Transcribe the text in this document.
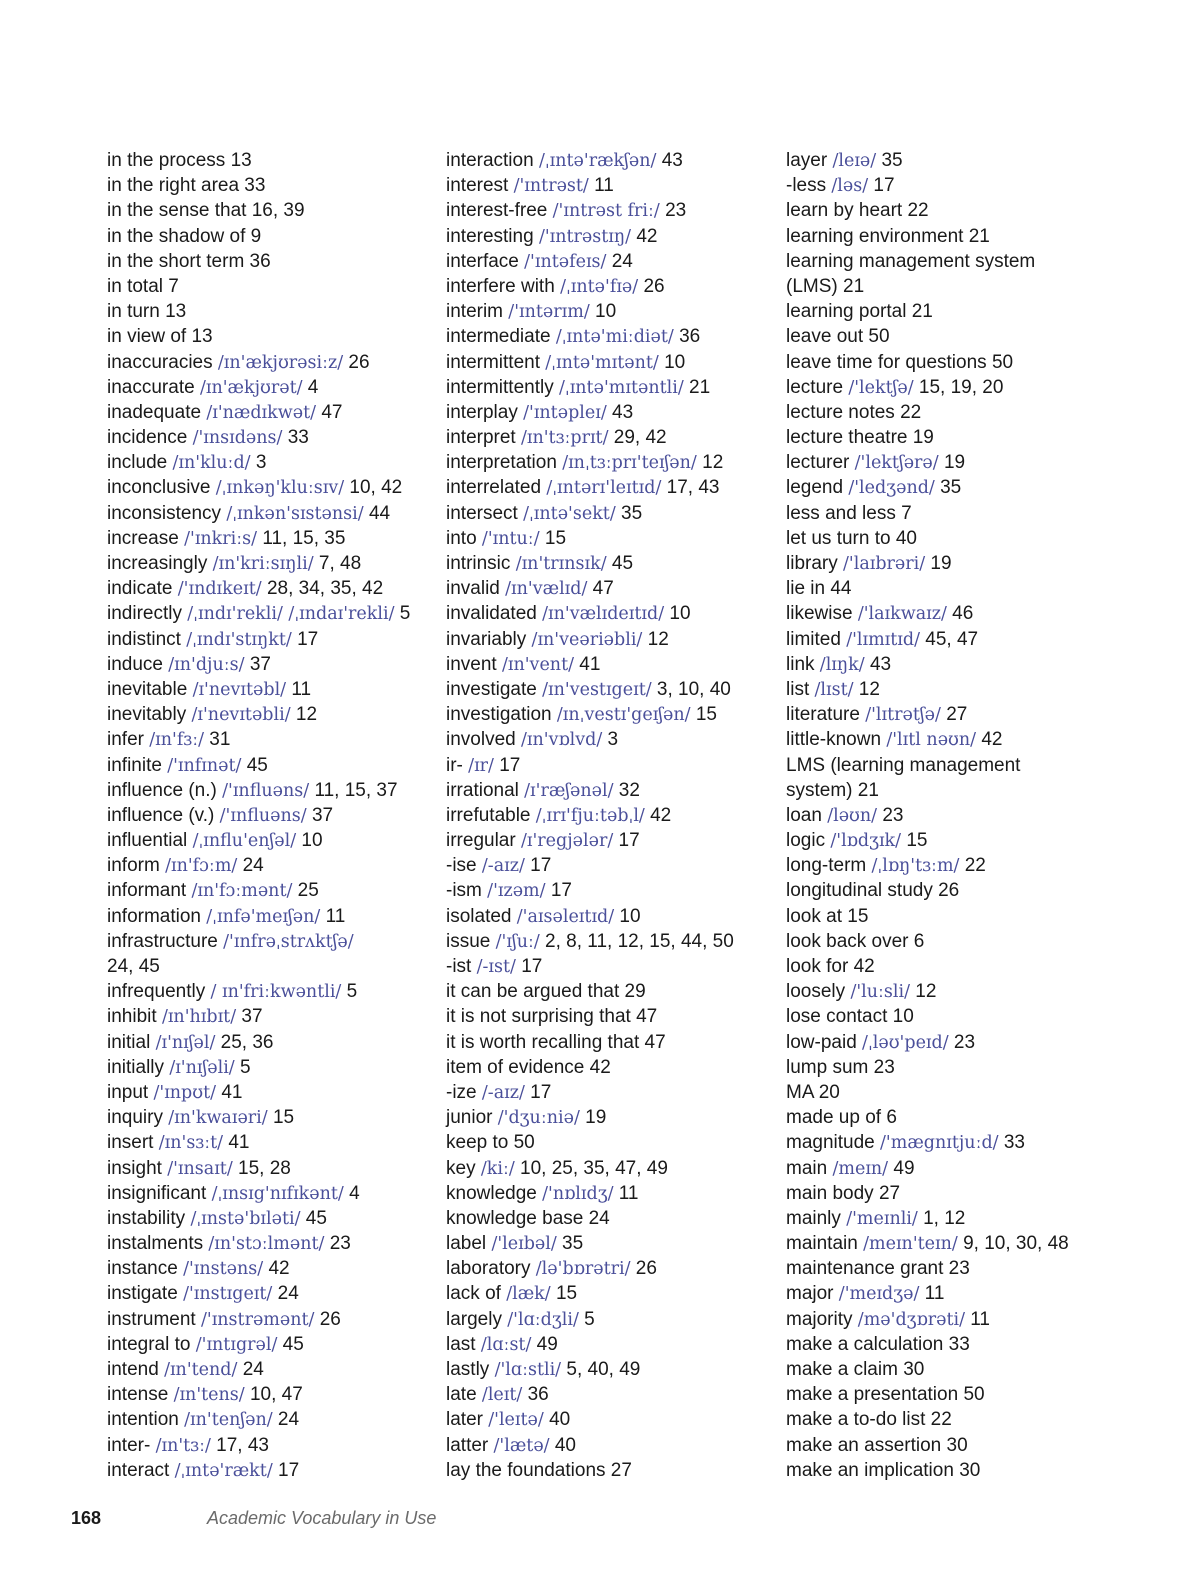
in the process 13
in the right area 33
in the sense that 16, 39
in the shadow of 9
in the short term 36
in total 7
in turn 13
in view of 13
inaccuracies /ɪn'ækjʊrəsiːz/ 26
inaccurate /ɪn'ækjʊrət/ 4
inadequate /ɪ'nædɪkwət/ 47
incidence /'ɪnsɪdəns/ 33
include /ɪn'kluːd/ 3
inconclusive /ˌɪnkəŋ'kluːsɪv/ 10, 42
inconsistency /ˌɪnkən'sɪstənsi/ 44
increase /'ɪnkriːs/ 11, 15, 35
increasingly /ɪn'kriːsɪŋli/ 7, 48
indicate /'ɪndɪkeɪt/ 28, 34, 35, 42
indirectly /ˌɪndɪ'rekli/ /ˌɪndaɪ'rekli/ 5
indistinct /ˌɪndɪ'stɪŋkt/ 17
induce /ɪn'djuːs/ 37
inevitable /ɪ'nevɪtəbl/ 11
inevitably /ɪ'nevɪtəbli/ 12
infer /ɪn'fɜː/ 31
infinite /'ɪnfɪnət/ 45
influence (n.) /'ɪnfluəns/ 11, 15, 37
influence (v.) /'ɪnfluəns/ 37
influential /ˌɪnflu'enʃəl/ 10
inform /ɪn'fɔːm/ 24
informant /ɪn'fɔːmənt/ 25
information /ˌɪnfə'meɪʃən/ 11
infrastructure /'ɪnfrəˌstrʌktʃə/
24, 45
infrequently / ɪn'friːkwəntli/ 5
inhibit /ɪn'hɪbɪt/ 37
initial /ɪ'nɪʃəl/ 25, 36
initially /ɪ'nɪʃəli/ 5
input /'ɪnpʊt/ 41
inquiry /ɪn'kwaɪəri/ 15
insert /ɪn'sɜːt/ 41
insight /'ɪnsaɪt/ 15, 28
insignificant /ˌɪnsɪg'nɪfɪkənt/ 4
instability /ˌɪnstə'bɪləti/ 45
instalments /ɪn'stɔːlmənt/ 23
instance /'ɪnstəns/ 42
instigate /'ɪnstɪgeɪt/ 24
instrument /'ɪnstrəmənt/ 26
integral to /'ɪntɪgrəl/ 45
intend /ɪn'tend/ 24
intense /ɪn'tens/ 10, 47
intention /ɪn'tenʃən/ 24
inter- /ɪn'tɜː/ 17, 43
interact /ˌɪntə'rækt/ 17
interaction /ˌɪntə'rækʃən/ 43
interest /'ɪntrəst/ 11
interest-free /'ɪntrəst friː/ 23
interesting /'ɪntrəstɪŋ/ 42
interface /'ɪntəfeɪs/ 24
interfere with /ˌɪntə'fɪə/ 26
interim /'ɪntərɪm/ 10
intermediate /ˌɪntə'miːdiət/ 36
intermittent /ˌɪntə'mɪtənt/ 10
intermittently /ˌɪntə'mɪtəntli/ 21
interplay /'ɪntəpleɪ/ 43
interpret /ɪn'tɜːprɪt/ 29, 42
interpretation /ɪnˌtɜːprɪ'teɪʃən/ 12
interrelated /ˌɪntərɪ'leɪtɪd/ 17, 43
intersect /ˌɪntə'sekt/ 35
into /'ɪntuː/ 15
intrinsic /ɪn'trɪnsɪk/ 45
invalid /ɪn'vælɪd/ 47
invalidated /ɪn'vælɪdeɪtɪd/ 10
invariably /ɪn'veəriəbli/ 12
invent /ɪn'vent/ 41
investigate /ɪn'vestɪgeɪt/ 3, 10, 40
investigation /ɪnˌvestɪ'geɪʃən/ 15
involved /ɪn'vɒlvd/ 3
ir- /ɪr/ 17
irrational /ɪ'ræʃənəl/ 32
irrefutable /ˌɪrɪ'fjuːtəbˌl/ 42
irregular /ɪ'regjələr/ 17
-ise /-aɪz/ 17
-ism /'ɪzəm/ 17
isolated /'aɪsəleɪtɪd/ 10
issue /'ɪʃuː/ 2, 8, 11, 12, 15, 44, 50
-ist /-ɪst/ 17
it can be argued that 29
it is not surprising that 47
it is worth recalling that 47
item of evidence 42
-ize /-aɪz/ 17
junior /'dʒuːniə/ 19
keep to 50
key /kiː/ 10, 25, 35, 47, 49
knowledge /'nɒlɪdʒ/ 11
knowledge base 24
label /'leɪbəl/ 35
laboratory /lə'bɒrətri/ 26
lack of /læk/ 15
largely /'lɑːdʒli/ 5
last /lɑːst/ 49
lastly /'lɑːstli/ 5, 40, 49
late /leɪt/ 36
later /'leɪtə/ 40
latter /'lætə/ 40
lay the foundations 27
layer /leɪə/ 35
-less /ləs/ 17
learn by heart 22
learning environment 21
learning management system
(LMS) 21
learning portal 21
leave out 50
leave time for questions 50
lecture /'lektʃə/ 15, 19, 20
lecture notes 22
lecture theatre 19
lecturer /'lektʃərə/ 19
legend /'ledʒənd/ 35
less and less 7
let us turn to 40
library /'laɪbrəri/ 19
lie in 44
likewise /'laɪkwaɪz/ 46
limited /'lɪmɪtɪd/ 45, 47
link /lɪŋk/ 43
list /lɪst/ 12
literature /'lɪtrətʃə/ 27
little-known /'lɪtl nəʊn/ 42
LMS (learning management
system) 21
loan /ləʊn/ 23
logic /'lɒdʒɪk/ 15
long-term /ˌlɒŋ'tɜːm/ 22
longitudinal study 26
look at 15
look back over 6
look for 42
loosely /'luːsli/ 12
lose contact 10
low-paid /ˌləʊ'peɪd/ 23
lump sum 23
MA 20
made up of 6
magnitude /'mægnɪtjuːd/ 33
main /meɪn/ 49
main body 27
mainly /'meɪnli/ 1, 12
maintain /meɪn'teɪn/ 9, 10, 30, 48
maintenance grant 23
major /'meɪdʒə/ 11
majority /mə'dʒɒrəti/ 11
make a calculation 33
make a claim 30
make a presentation 50
make a to-do list 22
make an assertion 30
make an implication 30
168	Academic Vocabulary in Use
